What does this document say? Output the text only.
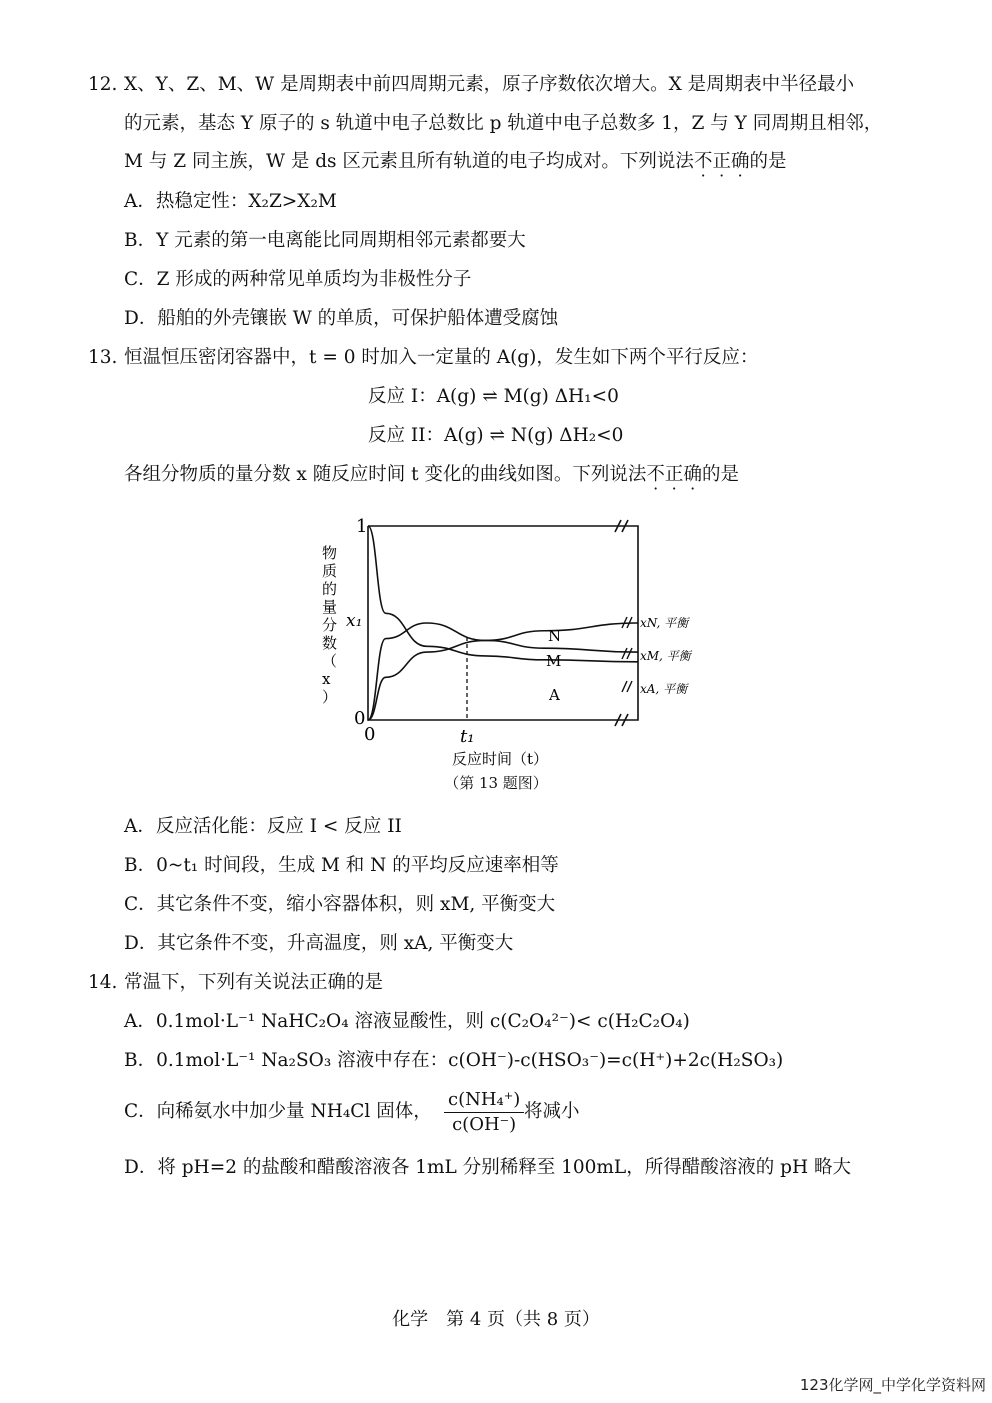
12. X、Y、Z、M、W 是周期表中前四周期元素，原子序数依次增大。X 是周期表中半径最小
的元素，基态 Y 原子的 s 轨道中电子总数比 p 轨道中电子总数多 1，Z 与 Y 同周期且相邻，
M 与 Z 同主族，W 是 ds 区元素且所有轨道的电子均成对。下列说法不正确的是
A．热稳定性：X₂Z>X₂M
B．Y 元素的第一电离能比同周期相邻元素都要大
C．Z 形成的两种常见单质均为非极性分子
D．船舶的外壳镶嵌 W 的单质，可保护船体遭受腐蚀
13. 恒温恒压密闭容器中，t = 0 时加入一定量的 A(g)，发生如下两个平行反应：
反应 I：A(g) ⇌ M(g) ΔH₁<0
反应 II：A(g) ⇌ N(g) ΔH₂<0
各组分物质的量分数 x 随反应时间 t 变化的曲线如图。下列说法不正确的是
1
x₁
0
0	t₁
物质的量分数（ x ）
反应时间（t）
N
M
A
xN, 平衡
xM, 平衡
xA, 平衡
（第 13 题图）
A．反应活化能：反应 I < 反应 II
B．0~t₁ 时间段，生成 M 和 N 的平均反应速率相等
C．其它条件不变，缩小容器体积，则 xM, 平衡变大
D．其它条件不变，升高温度，则 xA, 平衡变大
14. 常温下，下列有关说法正确的是
A．0.1mol·L⁻¹ NaHC₂O₄ 溶液显酸性，则 c(C₂O₄²⁻)< c(H₂C₂O₄)
B．0.1mol·L⁻¹ Na₂SO₃ 溶液中存在：c(OH⁻)-c(HSO₃⁻)=c(H⁺)+2c(H₂SO₃)
C．向稀氨水中加少量 NH₄Cl 固体， $\frac{\text{c(NH₄⁺)}}{c(OH^-)}$ 将减小
D．将 pH=2 的盐酸和醋酸溶液各 1mL 分别稀释至 100mL，所得醋酸溶液的 pH 略大
化学　第 4 页（共 8 页）
123化学网_中学化学资料网
